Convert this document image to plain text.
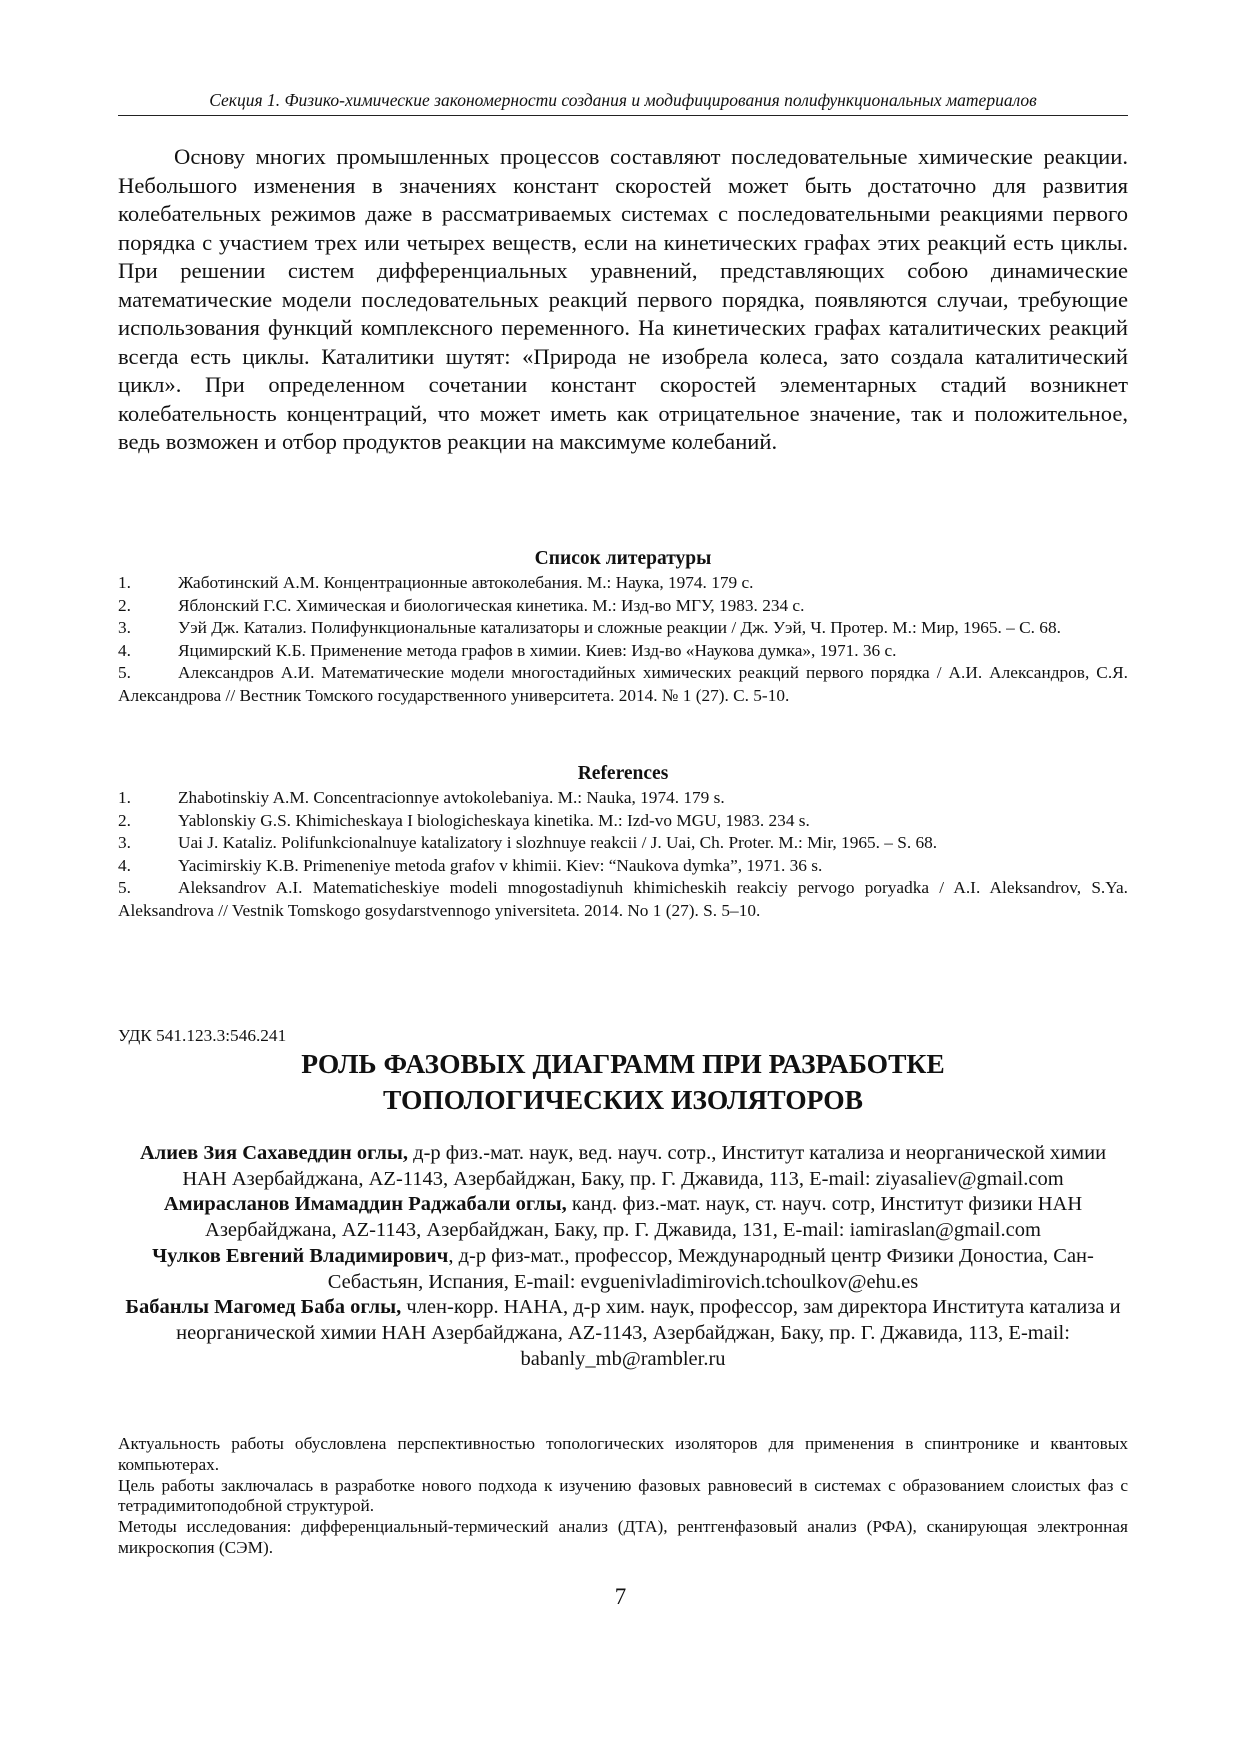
Секция 1. Физико-химические закономерности создания и модифицирования полифункциональных материалов

Основу многих промышленных процессов составляют последовательные химические реакции. Небольшого изменения в значениях констант скоростей может быть достаточно для развития колебательных режимов даже в рассматриваемых системах с последовательными реакциями первого порядка с участием трех или четырех веществ, если на кинетических графах этих реакций есть циклы. При решении систем дифференциальных уравнений, представляющих собою динамические математические модели последовательных реакций первого порядка, появляются случаи, требующие использования функций комплексного переменного. На кинетических графах каталитических реакций всегда есть циклы. Каталитики шутят: «Природа не изобрела колеса, зато создала каталитический цикл». При определенном сочетании констант скоростей элементарных стадий возникнет колебательность концентраций, что может иметь как отрицательное значение, так и положительное, ведь возможен и отбор продуктов реакции на максимуме колебаний.

Список литературы
1.	Жаботинский А.М. Концентрационные автоколебания. М.: Наука, 1974. 179 с.
2.	Яблонский Г.С. Химическая и биологическая кинетика. М.: Изд-во МГУ, 1983. 234 с.
3.	Уэй Дж. Катализ. Полифункциональные катализаторы и сложные реакции / Дж. Уэй, Ч. Протер. М.: Мир, 1965. – С. 68.
4.	Яцимирский К.Б. Применение метода графов в химии. Киев: Изд-во «Наукова думка», 1971. 36 с.
5.	Александров А.И. Математические модели многостадийных химических реакций первого порядка / А.И. Александров, С.Я. Александрова // Вестник Томского государственного университета. 2014. № 1 (27). С. 5-10.
References
1.	Zhabotinskiy A.M. Concentracionnye avtokolebaniya. M.: Nauka, 1974. 179 s.
2.	Yablonskiy G.S. Khimicheskaya I biologicheskaya kinetika. M.: Izd-vo MGU, 1983. 234 s.
3.	Uai J. Kataliz. Polifunkcionalnuye katalizatory i slozhnuye reakcii / J. Uai, Ch. Proter. M.: Mir, 1965. – S. 68.
4.	Yacimirskiy K.B. Primeneniye metoda grafov v khimii. Kiev: “Naukova dymka”, 1971. 36 s.
5.	Aleksandrov A.I. Matematicheskiye modeli mnogostadiynuh khimicheskih reakciy pervogo poryadka / A.I. Aleksandrov, S.Ya. Aleksandrova // Vestnik Tomskogo gosydarstvennogo yniversiteta. 2014. No 1 (27). S. 5–10.
УДК 541.123.3:546.241
РОЛЬ ФАЗОВЫХ ДИАГРАММ ПРИ РАЗРАБОТКЕ
ТОПОЛОГИЧЕСКИХ ИЗОЛЯТОРОВ

Алиев Зия Сахаведдин оглы, д-р физ.-мат. наук, вед. науч. сотр., Институт катализа и неорганической химии НАН Азербайджана, AZ-1143, Азербайджан, Баку, пр. Г. Джавида, 113, E-mail: ziyasaliev@gmail.com

Амирасланов Имамаддин Раджабали оглы, канд. физ.-мат. наук, ст. науч. сотр, Институт физики НАН Азербайджана, AZ-1143, Азербайджан, Баку, пр. Г. Джавида, 131, E-mail: iamiraslan@gmail.com

Чулков Евгений Владимирович, д-р физ-мат., профессор, Международный центр Физики Доностиа, Сан-Себастьян, Испания, E-mail: evguenivladimirovich.tchoulkov@ehu.es

Бабанлы Магомед Баба оглы, член-корр. НАНА, д-р хим. наук, профессор, зам директора Института катализа и неорганической химии НАН Азербайджана, AZ-1143, Азербайджан, Баку, пр. Г. Джавида, 113, E-mail: babanly_mb@rambler.ru

Актуальность работы обусловлена перспективностью топологических изоляторов для применения в спинтронике и квантовых компьютерах.

Цель работы заключалась в разработке нового подхода к изучению фазовых равновесий в системах с образованием слоистых фаз с тетрадимитоподобной структурой.

Методы исследования: дифференциальный-термический анализ (ДТА), рентгенфазовый анализ (РФА), сканирующая электронная микроскопия (СЭМ).

7
